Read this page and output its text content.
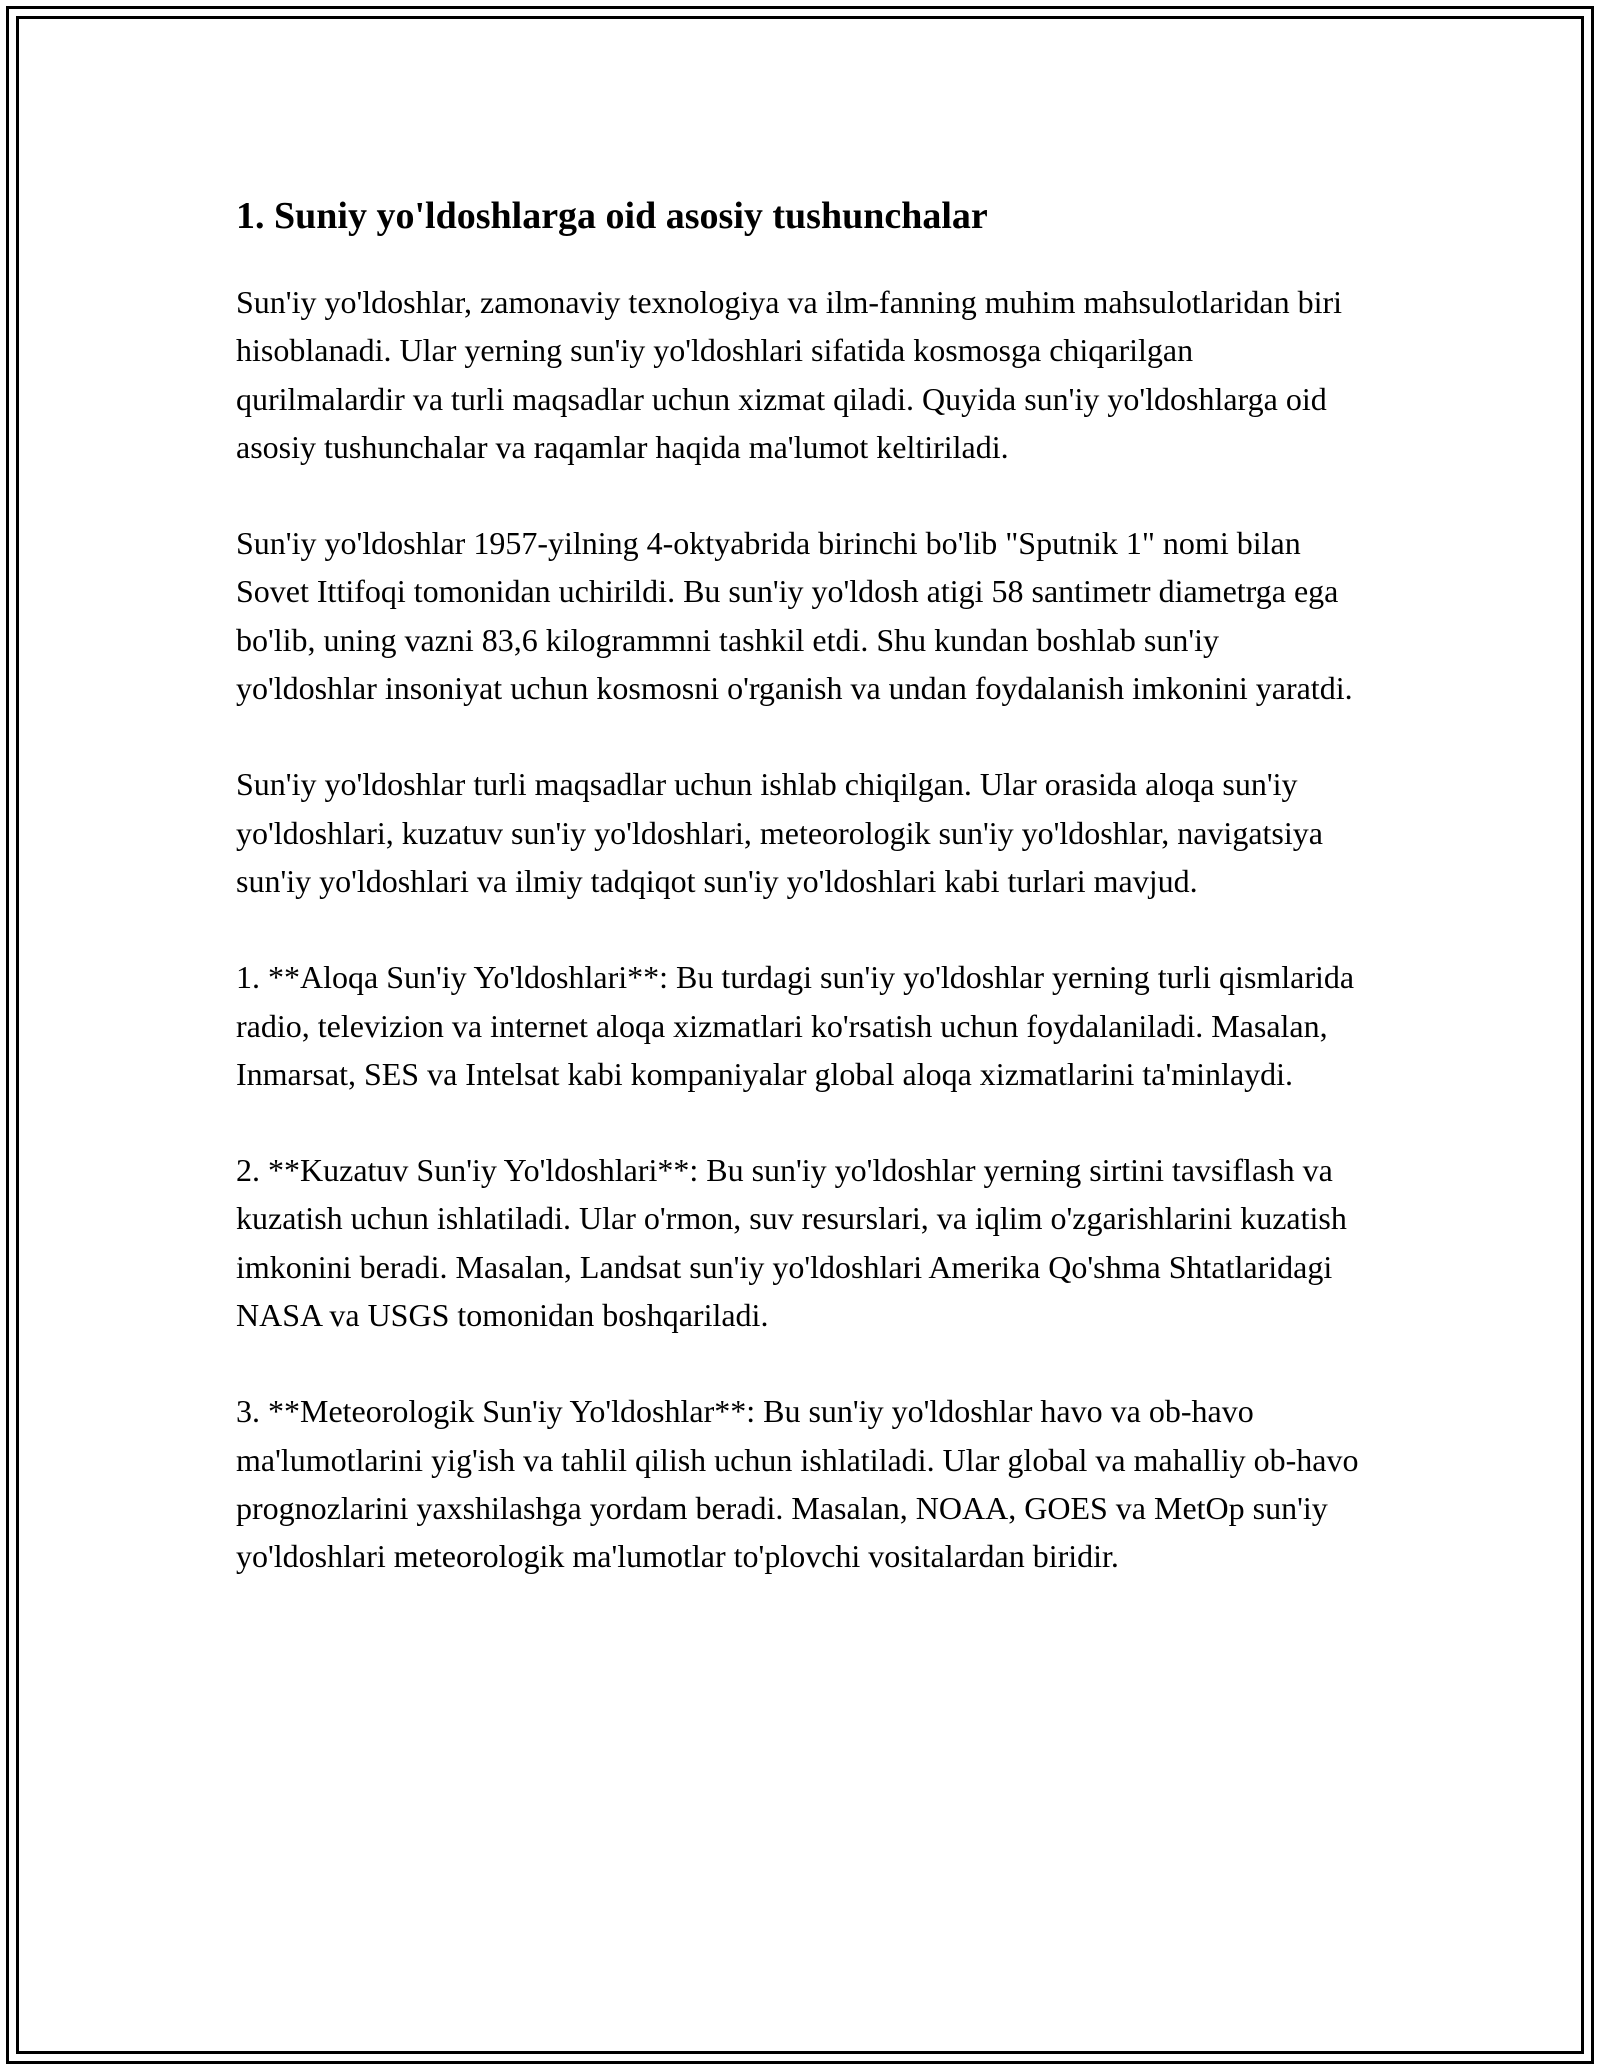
1. Suniy yo'ldoshlarga oid asosiy tushunchalar

Sun'iy yo'ldoshlar, zamonaviy texnologiya va ilm-fanning muhim mahsulotlaridan biri hisoblanadi. Ular yerning sun'iy yo'ldoshlari sifatida kosmosga chiqarilgan qurilmalardir va turli maqsadlar uchun xizmat qiladi. Quyida sun'iy yo'ldoshlarga oid asosiy tushunchalar va raqamlar haqida ma'lumot keltiriladi.

Sun'iy yo'ldoshlar 1957-yilning 4-oktyabrida birinchi bo'lib "Sputnik 1" nomi bilan Sovet Ittifoqi tomonidan uchirildi. Bu sun'iy yo'ldosh atigi 58 santimetr diametrga ega bo'lib, uning vazni 83,6 kilogrammni tashkil etdi. Shu kundan boshlab sun'iy yo'ldoshlar insoniyat uchun kosmosni o'rganish va undan foydalanish imkonini yaratdi.

Sun'iy yo'ldoshlar turli maqsadlar uchun ishlab chiqilgan. Ular orasida aloqa sun'iy yo'ldoshlari, kuzatuv sun'iy yo'ldoshlari, meteorologik sun'iy yo'ldoshlar, navigatsiya sun'iy yo'ldoshlari va ilmiy tadqiqot sun'iy yo'ldoshlari kabi turlari mavjud.

1. **Aloqa Sun'iy Yo'ldoshlari**: Bu turdagi sun'iy yo'ldoshlar yerning turli qismlarida radio, televizion va internet aloqa xizmatlari ko'rsatish uchun foydalaniladi. Masalan, Inmarsat, SES va Intelsat kabi kompaniyalar global aloqa xizmatlarini ta'minlaydi.

2. **Kuzatuv Sun'iy Yo'ldoshlari**: Bu sun'iy yo'ldoshlar yerning sirtini tavsiflash va kuzatish uchun ishlatiladi. Ular o'rmon, suv resurslari, va iqlim o'zgarishlarini kuzatish imkonini beradi. Masalan, Landsat sun'iy yo'ldoshlari Amerika Qo'shma Shtatlaridagi NASA va USGS tomonidan boshqariladi.

3. **Meteorologik Sun'iy Yo'ldoshlar**: Bu sun'iy yo'ldoshlar havo va ob-havo ma'lumotlarini yig'ish va tahlil qilish uchun ishlatiladi. Ular global va mahalliy ob-havo prognozlarini yaxshilashga yordam beradi. Masalan, NOAA, GOES va MetOp sun'iy yo'ldoshlari meteorologik ma'lumotlar to'plovchi vositalardan biridir.
